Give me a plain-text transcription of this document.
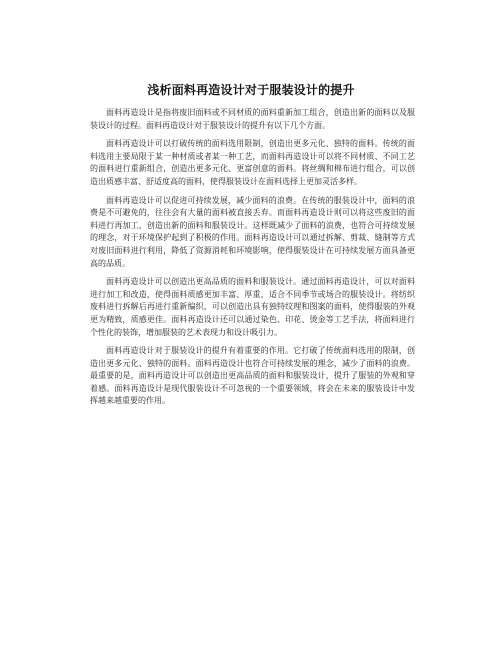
浅析面料再造设计对于服装设计的提升

面料再造设计是指将废旧面料或不同材质的面料重新加工组合，创造出新的面料以及服装设计的过程。面料再造设计对于服装设计的提升有以下几个方面。

面料再造设计可以打破传统的面料选用限制，创造出更多元化、独特的面料。传统的面料选用主要局限于某一种材质或者某一种工艺，而面料再造设计可以将不同材质、不同工艺的面料进行重新组合，创造出更多元化、更富创意的面料。将丝绸和棉布进行组合，可以创造出质感丰富、舒适度高的面料，使得服装设计在面料选择上更加灵活多样。

面料再造设计可以促进可持续发展，减少面料的浪费。在传统的服装设计中，面料的浪费是不可避免的，往往会有大量的面料被直接丢弃。而面料再造设计则可以将这些废旧的面料进行再加工，创造出新的面料和服装设计。这样既减少了面料的浪费，也符合可持续发展的理念，对于环境保护起到了积极的作用。面料再造设计可以通过拆解、剪裁、缝制等方式对废旧面料进行利用，降低了资源消耗和环境影响，使得服装设计在可持续发展方面具备更高的品质。

面料再造设计可以创造出更高品质的面料和服装设计。通过面料再造设计，可以对面料进行加工和改造，使得面料质感更加丰富、厚重，适合不同季节或场合的服装设计。将纺织废料进行拆解后再进行重新编织，可以创造出具有独特纹理和图案的面料，使得服装的外观更为精致，质感更佳。面料再造设计还可以通过染色、印花、烫金等工艺手法，将面料进行个性化的装饰，增加服装的艺术表现力和设计吸引力。

面料再造设计对于服装设计的提升有着重要的作用。它打破了传统面料选用的限制，创造出更多元化、独特的面料。面料再造设计也符合可持续发展的理念，减少了面料的浪费。最重要的是，面料再造设计可以创造出更高品质的面料和服装设计，提升了服装的外观和穿着感。面料再造设计是现代服装设计不可忽视的一个重要领域，将会在未来的服装设计中发挥越来越重要的作用。
